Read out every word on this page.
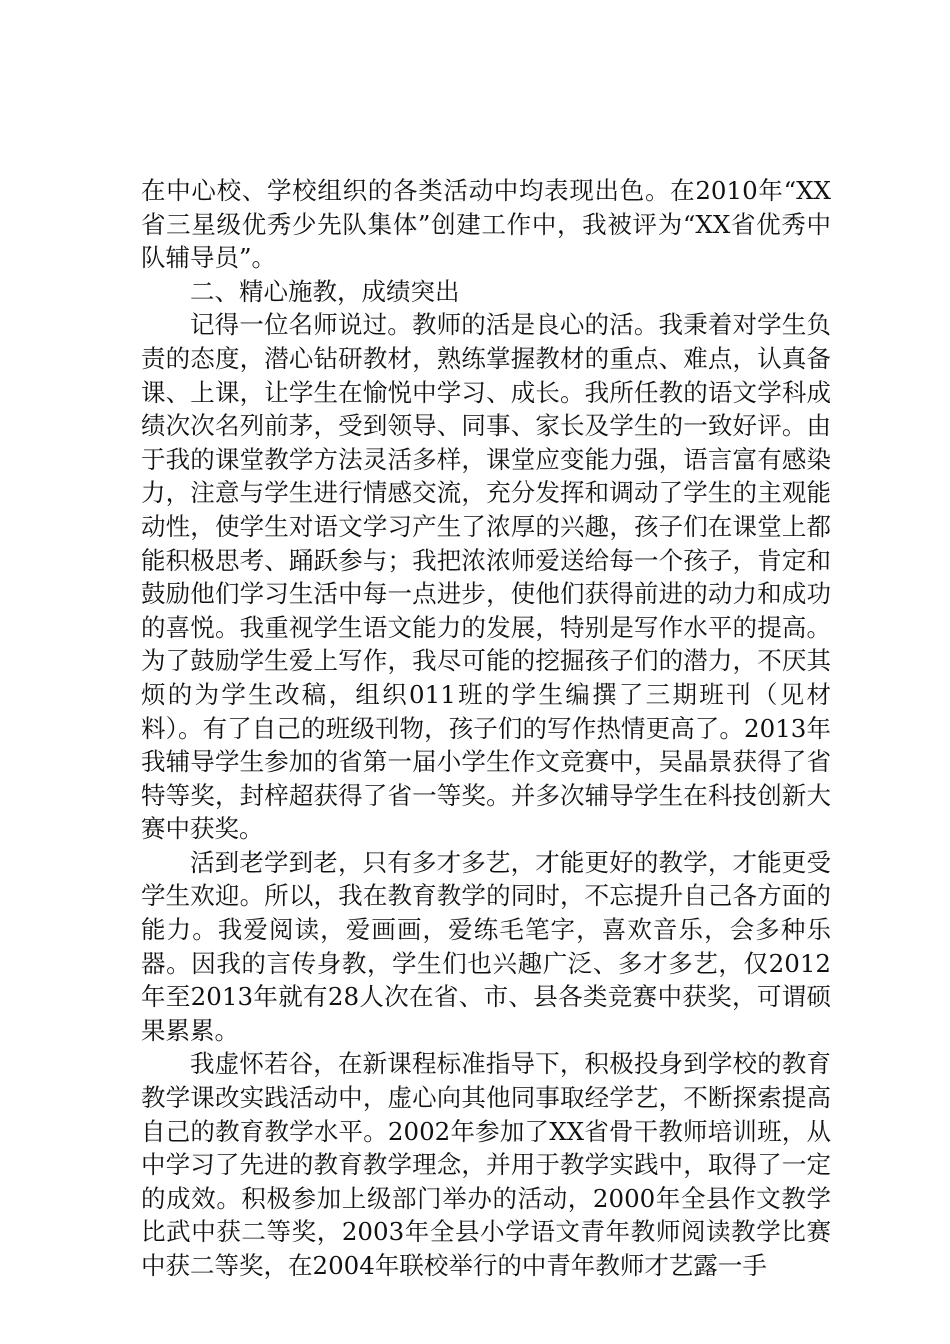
在中心校、学校组织的各类活动中均表现出色。在2010年“XX省三星级优秀少先队集体”创建工作中，我被评为“XX省优秀中队辅导员”。

二、精心施教，成绩突出

记得一位名师说过。教师的活是良心的活。我秉着对学生负责的态度，潜心钻研教材，熟练掌握教材的重点、难点，认真备课、上课，让学生在愉悦中学习、成长。我所任教的语文学科成绩次次名列前茅，受到领导、同事、家长及学生的一致好评。由于我的课堂教学方法灵活多样，课堂应变能力强，语言富有感染力，注意与学生进行情感交流，充分发挥和调动了学生的主观能动性，使学生对语文学习产生了浓厚的兴趣，孩子们在课堂上都能积极思考、踊跃参与；我把浓浓师爱送给每一个孩子，肯定和鼓励他们学习生活中每一点进步，使他们获得前进的动力和成功的喜悦。我重视学生语文能力的发展，特别是写作水平的提高。为了鼓励学生爱上写作，我尽可能的挖掘孩子们的潜力，不厌其烦的为学生改稿，组织011班的学生编撰了三期班刊（见材料）。有了自己的班级刊物，孩子们的写作热情更高了。2013年我辅导学生参加的省第一届小学生作文竞赛中，吴晶景获得了省特等奖，封梓超获得了省一等奖。并多次辅导学生在科技创新大赛中获奖。

活到老学到老，只有多才多艺，才能更好的教学，才能更受学生欢迎。所以，我在教育教学的同时，不忘提升自己各方面的能力。我爱阅读，爱画画，爱练毛笔字，喜欢音乐，会多种乐器。因我的言传身教，学生们也兴趣广泛、多才多艺，仅2012年至2013年就有28人次在省、市、县各类竞赛中获奖，可谓硕果累累。

我虚怀若谷，在新课程标准指导下，积极投身到学校的教育教学课改实践活动中，虚心向其他同事取经学艺，不断探索提高自己的教育教学水平。2002年参加了XX省骨干教师培训班，从中学习了先进的教育教学理念，并用于教学实践中，取得了一定的成效。积极参加上级部门举办的活动，2000年全县作文教学比武中获二等奖，2003年全县小学语文青年教师阅读教学比赛中获二等奖，在2004年联校举行的中青年教师才艺露一手
